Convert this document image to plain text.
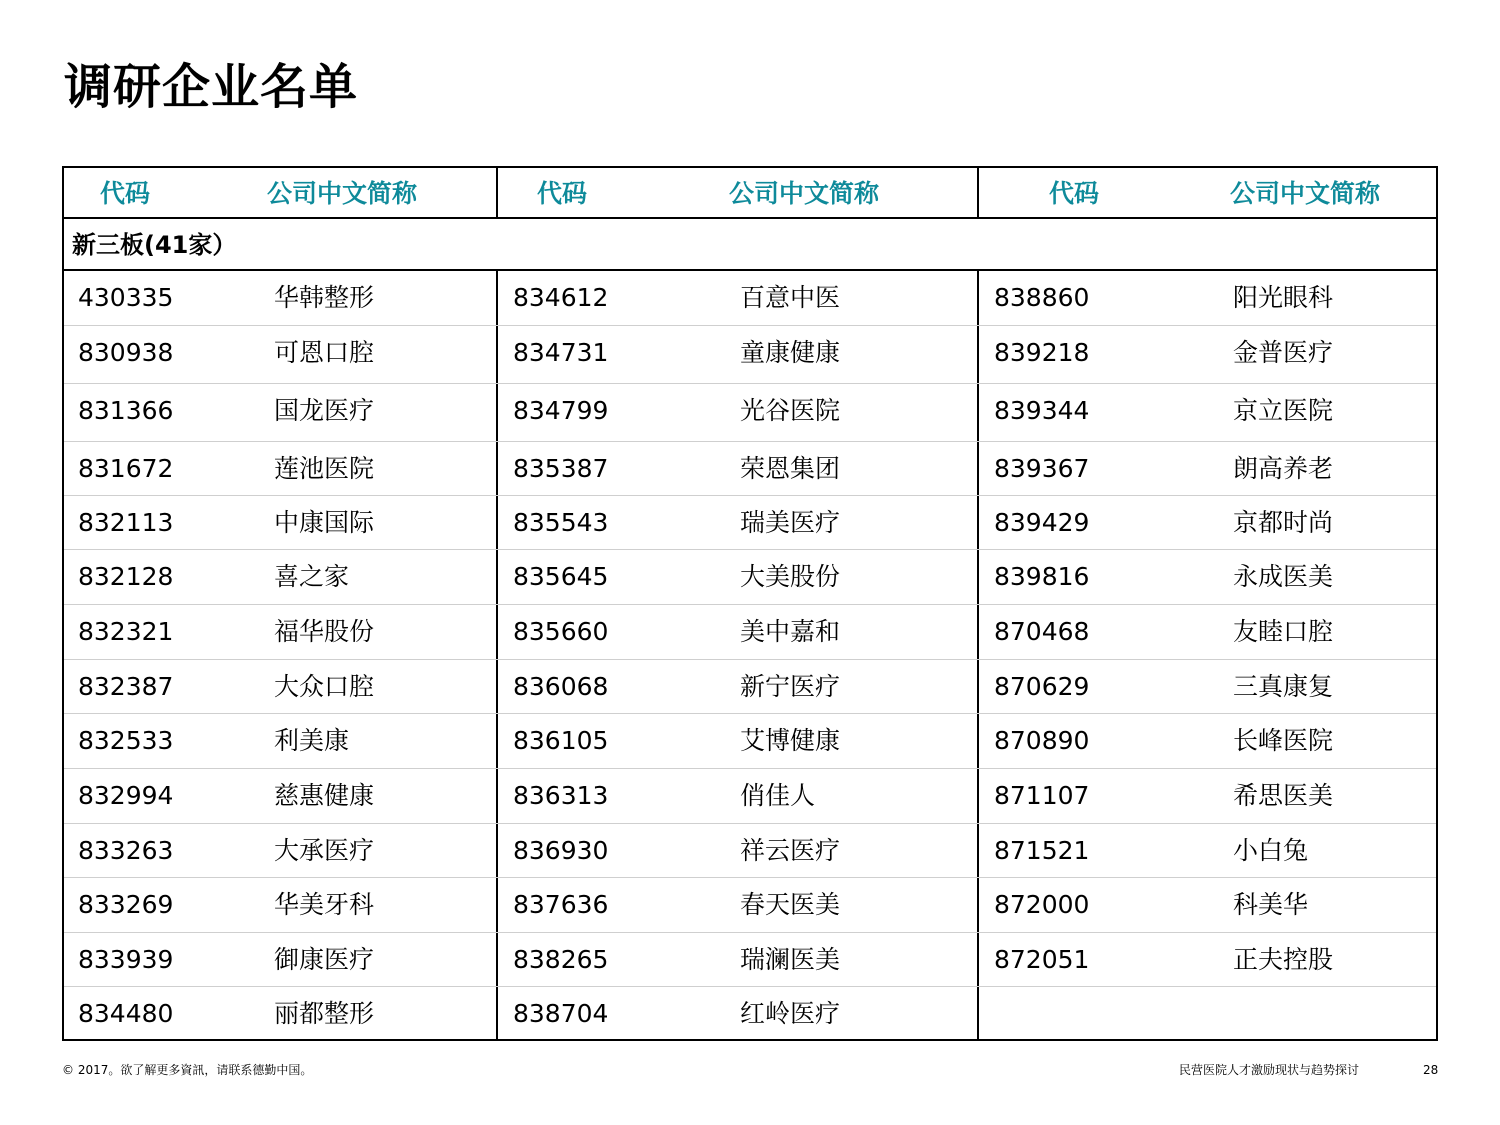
调研企业名单
代码	公司中文简称	代码	公司中文简称	代码	公司中文简称
新三板(41家）
430335	华韩整形	834612	百意中医	838860	阳光眼科
830938	可恩口腔	834731	童康健康	839218	金普医疗
831366	国龙医疗	834799	光谷医院	839344	京立医院
831672	莲池医院	835387	荣恩集团	839367	朗高养老
832113	中康国际	835543	瑞美医疗	839429	京都时尚
832128	喜之家	835645	大美股份	839816	永成医美
832321	福华股份	835660	美中嘉和	870468	友睦口腔
832387	大众口腔	836068	新宁医疗	870629	三真康复
832533	利美康	836105	艾博健康	870890	长峰医院
832994	慈惠健康	836313	俏佳人	871107	希思医美
833263	大承医疗	836930	祥云医疗	871521	小白兔
833269	华美牙科	837636	春天医美	872000	科美华
833939	御康医疗	838265	瑞澜医美	872051	正夫控股
834480	丽都整形	838704	红岭医疗
© 2017。欲了解更多資訊，请联系德勤中国。	民营医院人才激励现状与趋势探讨	28
